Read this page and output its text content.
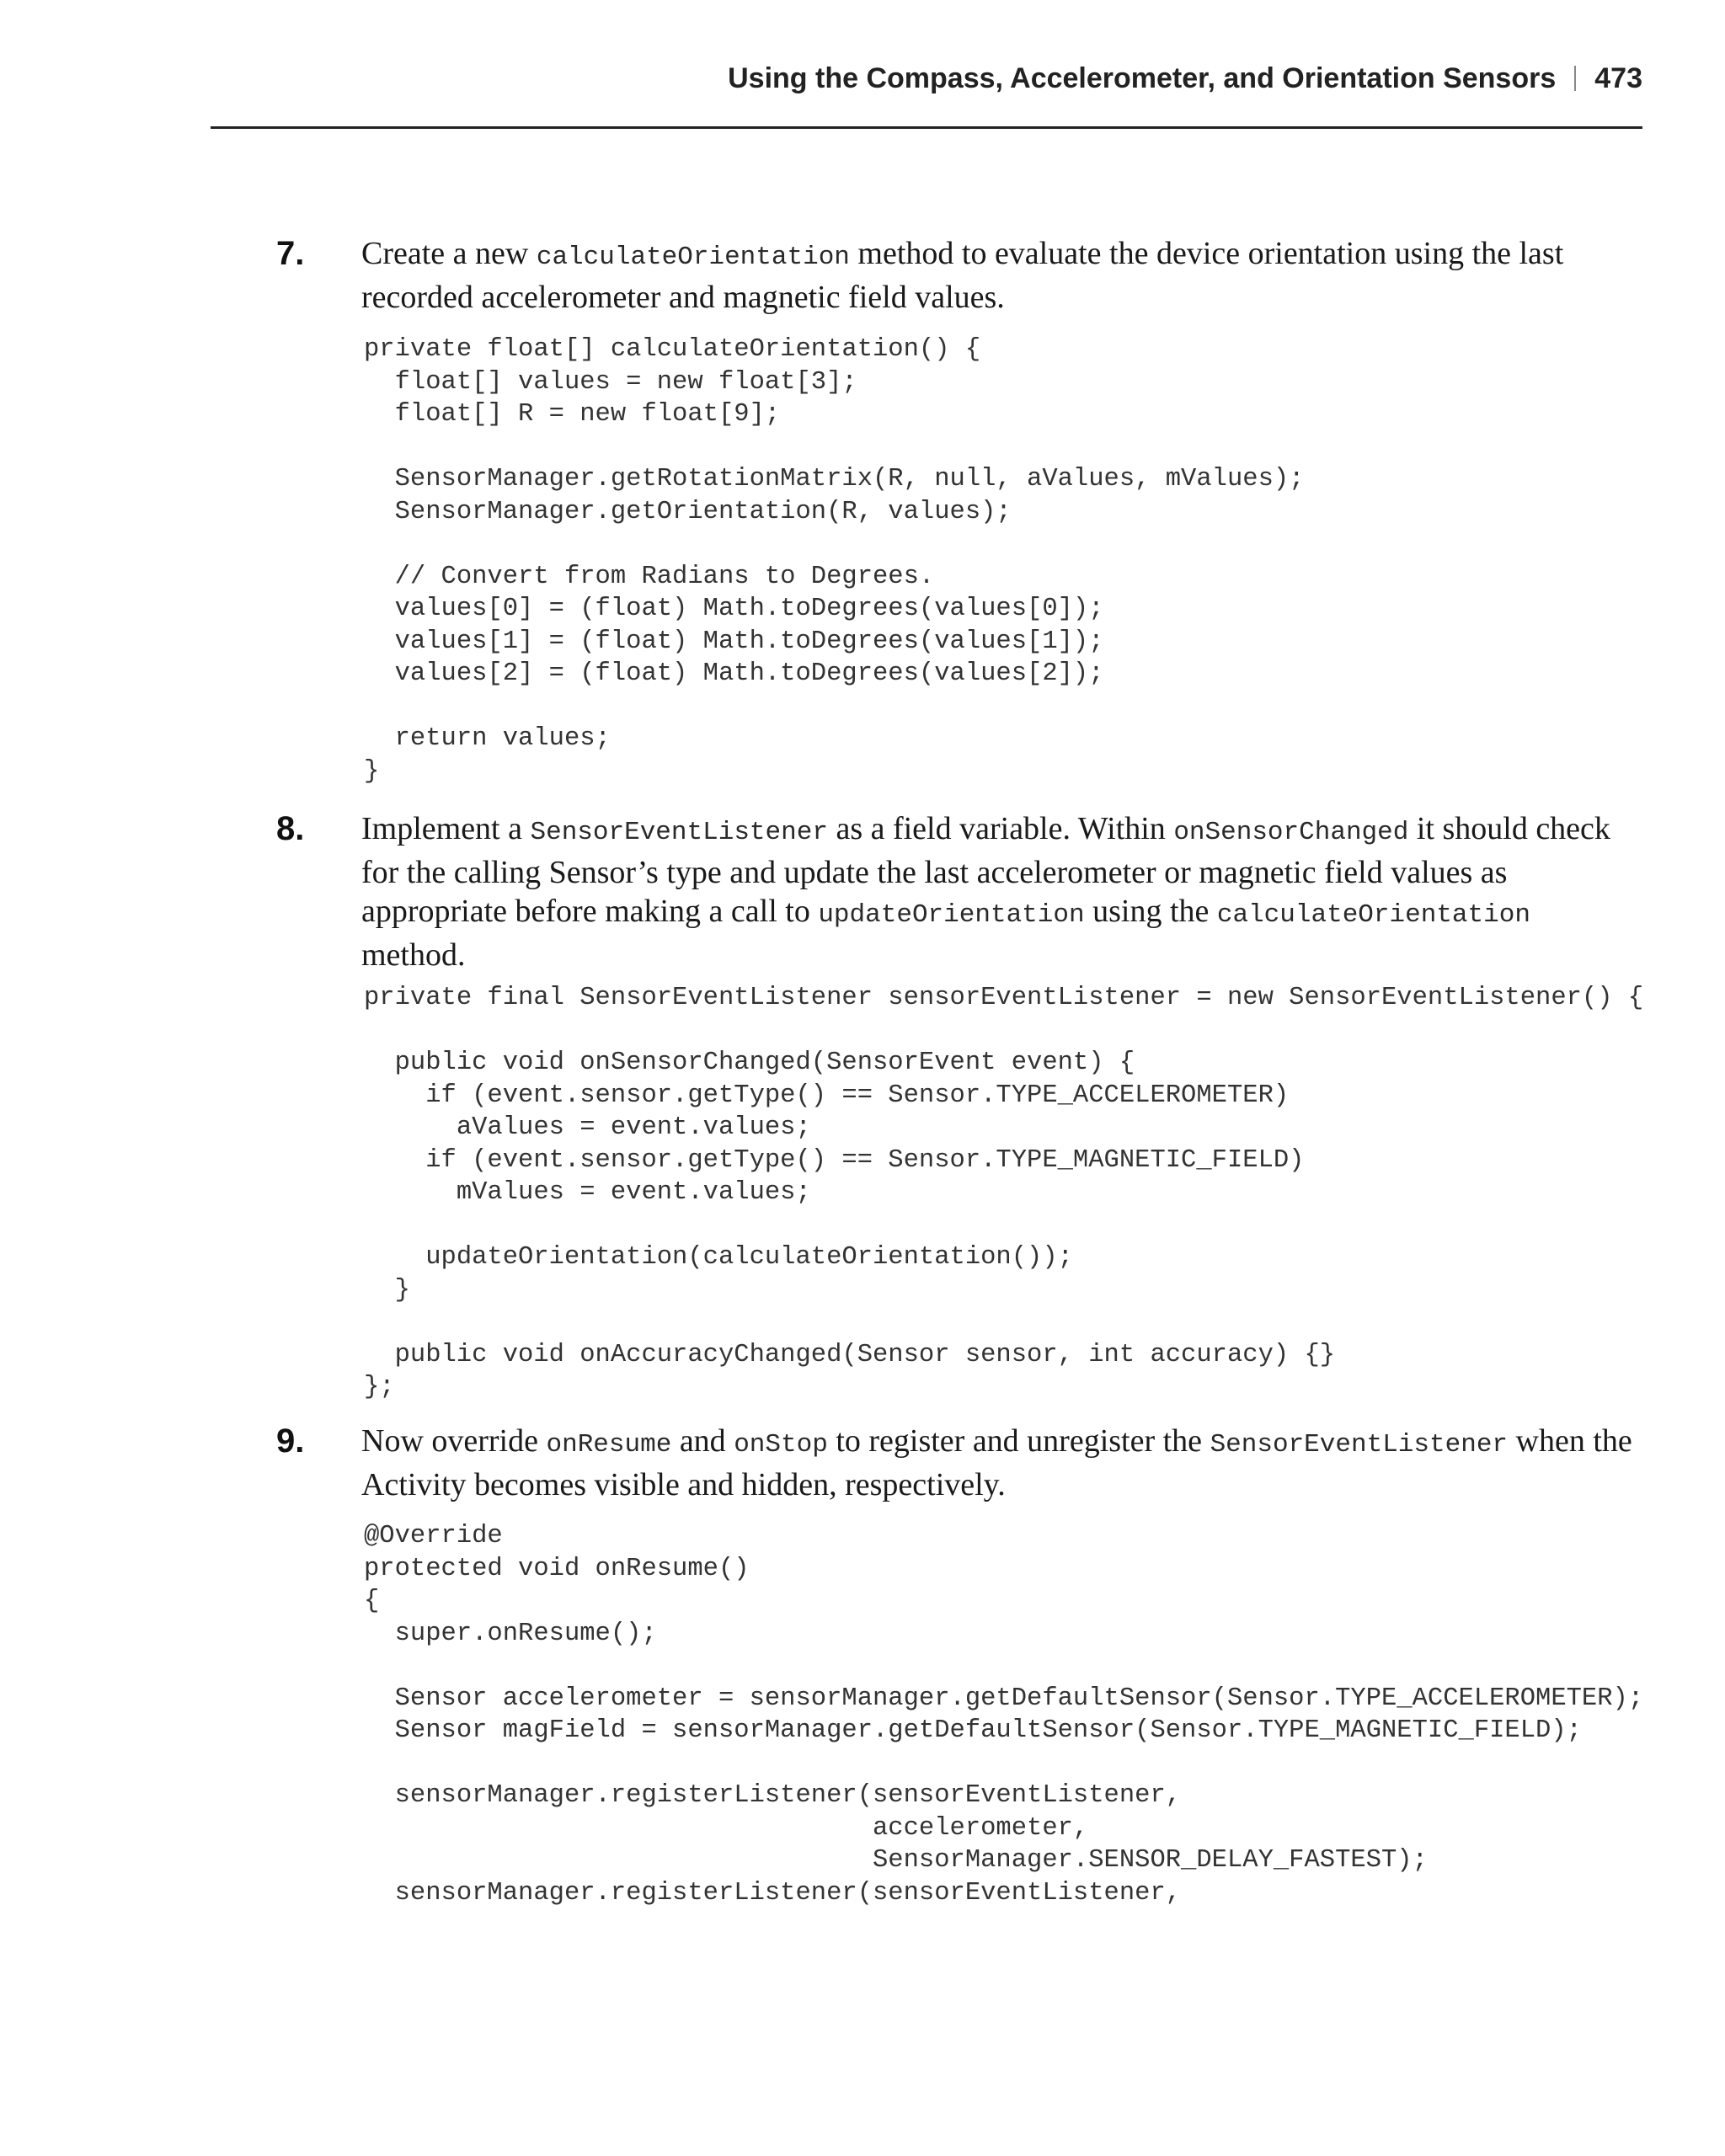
Using the Compass, Accelerometer, and Orientation Sensors 473
7. Create a new calculateOrientation method to evaluate the device orientation using the last recorded accelerometer and magnetic field values.
private float[] calculateOrientation() {
float[] values = new float[3];
float[] R = new float[9];

SensorManager.getRotationMatrix(R, null, aValues, mValues);
SensorManager.getOrientation(R, values);

// Convert from Radians to Degrees.
values[0] = (float) Math.toDegrees(values[0]);
values[1] = (float) Math.toDegrees(values[1]);
values[2] = (float) Math.toDegrees(values[2]);

return values;
}
8. Implement a SensorEventListener as a field variable. Within onSensorChanged it should check for the calling Sensor’s type and update the last accelerometer or magnetic field values as appropriate before making a call to updateOrientation using the calculateOrientation method.
private final SensorEventListener sensorEventListener = new SensorEventListener() {

public void onSensorChanged(SensorEvent event) {
if (event.sensor.getType() == Sensor.TYPE_ACCELEROMETER)
aValues = event.values;
if (event.sensor.getType() == Sensor.TYPE_MAGNETIC_FIELD)
mValues = event.values;

updateOrientation(calculateOrientation());
}

public void onAccuracyChanged(Sensor sensor, int accuracy) {}
};
9. Now override onResume and onStop to register and unregister the SensorEventListener when the Activity becomes visible and hidden, respectively.
@Override
protected void onResume()
{
super.onResume();

Sensor accelerometer = sensorManager.getDefaultSensor(Sensor.TYPE_ACCELEROMETER);
Sensor magField = sensorManager.getDefaultSensor(Sensor.TYPE_MAGNETIC_FIELD);

sensorManager.registerListener(sensorEventListener,
accelerometer,
SensorManager.SENSOR_DELAY_FASTEST);
sensorManager.registerListener(sensorEventListener,
